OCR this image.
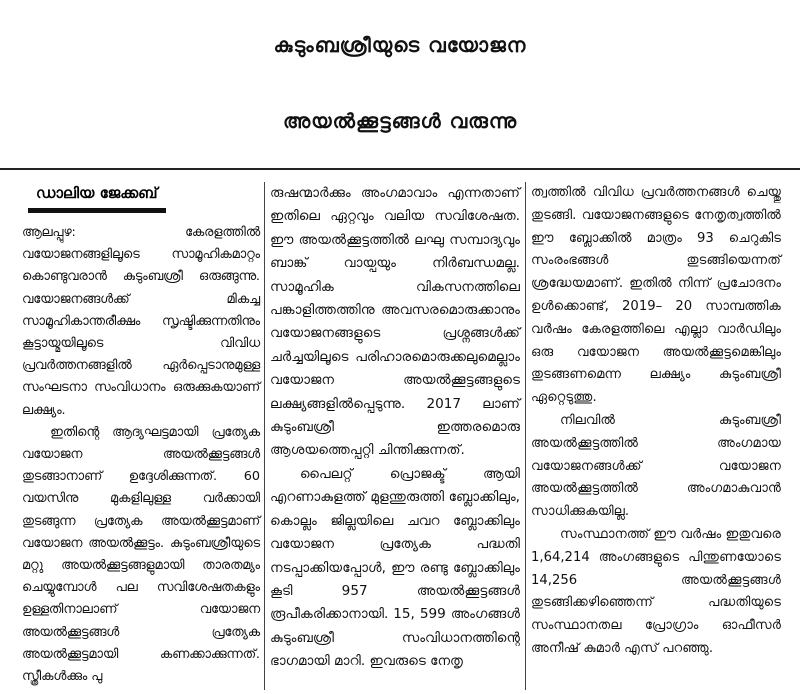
കുടുംബശ്രീയുടെ വയോജന
അയൽക്കൂട്ടങ്ങൾ വരുന്നു
ഡാലിയ ജേക്കബ്

ആലപ്പുഴ: കേരളത്തിൽ വയോജനങ്ങളിലൂടെ സാമൂഹികമാറ്റം കൊണ്ടുവരാൻ കുടുംബശ്രീ ഒരുങ്ങുന്നു. വയോജനങ്ങൾക്ക് മികച്ച സാമൂഹികാന്തരീക്ഷം സൃഷ്ടിക്കുന്നതിനും കൂട്ടായ്മയിലൂടെ വിവിധ പ്രവർത്തനങ്ങളിൽ ഏർപ്പെടാനുമുള്ള സംഘടനാ സംവിധാനം ഒരുക്കുകയാണ് ലക്ഷ്യം.

ഇതിന്റെ ആദ്യഘട്ടമായി പ്രത്യേക വയോജന അയൽക്കൂട്ടങ്ങൾ തുടങ്ങാനാണ് ഉദ്ദേശിക്കുന്നത്. 60 വയസിനു മുകളിലുള്ള വർക്കായി തുടങ്ങുന്ന പ്രത്യേക അയൽക്കൂട്ടമാണ് വയോജന അയൽക്കൂട്ടം. കുടുംബശ്രീയുടെ മറ്റു അയൽക്കൂട്ടങ്ങളുമായി താരതമ്യം ചെയ്യുമ്പോൾ പല സവിശേഷതകളും ഉള്ളതിനാലാണ് വയോജന അയൽക്കൂട്ടങ്ങൾ പ്രത്യേക അയൽക്കൂട്ടമായി കണക്കാക്കുന്നത്. സ്ത്രീകൾക്കും പു

രുഷന്മാർക്കും അംഗമാവാം എന്നതാണ് ഇതിലെ ഏറ്റവും വലിയ സവിശേഷത. ഈ അയൽക്കൂട്ടത്തിൽ ലഘു സമ്പാദ്യവും ബാങ്ക് വായ്പയും നിർബന്ധമല്ല. സാമൂഹിക വികസനത്തിലെ പങ്കാളിത്തത്തിനു അവസരമൊരുക്കാനും വയോജനങ്ങളുടെ പ്രശ്നങ്ങൾക്ക് ചർച്ചയിലൂടെ പരിഹാരമൊരുക്കലുമെല്ലാം വയോജന അയൽക്കൂട്ടങ്ങളുടെ ലക്ഷ്യങ്ങളിൽപ്പെടുന്നു. 2017 ലാണ് കുടുംബശ്രീ ഇത്തരമൊരു ആശയത്തെപ്പറ്റി ചിന്തിക്കുന്നത്.

പൈലറ്റ് പ്രൊജക്ട് ആയി എറണാകുളത്ത് മുളന്തുരുത്തി ബ്ലോക്കിലും, കൊല്ലം ജില്ലയിലെ ചവറ ബ്ലോക്കിലും വയോജന പ്രത്യേക പദ്ധതി നടപ്പാക്കിയപ്പോൾ, ഈ രണ്ടു ബ്ലോക്കിലും കൂടി 957 അയൽക്കൂട്ടങ്ങൾ രൂപീകരിക്കാനായി. 15, 599 അംഗങ്ങൾ കുടുംബശ്രീ സംവിധാനത്തിന്റെ ഭാഗമായി മാറി. ഇവരുടെ നേതൃ

ത്വത്തിൽ വിവിധ പ്രവർത്തനങ്ങൾ ചെയ്തു തുടങ്ങി. വയോജനങ്ങളുടെ നേതൃത്വത്തിൽ ഈ ബ്ലോക്കിൽ മാത്രം 93 ചെറുകിട സംരംഭങ്ങൾ തുടങ്ങിയെന്നത് ശ്രദ്ധേയമാണ്. ഇതിൽ നിന്ന് പ്രചോദനം ഉൾക്കൊണ്ട്, 2019– 20 സാമ്പത്തിക വർഷം കേരളത്തിലെ എല്ലാ വാർഡിലും ഒരു വയോജന അയൽക്കൂട്ടമെങ്കിലും തുടങ്ങണമെന്ന ലക്ഷ്യം കുടുംബശ്രീ ഏറ്റെടുത്തു.

നിലവിൽ കുടുംബശ്രീ അയൽക്കൂട്ടത്തിൽ അംഗമായ വയോജനങ്ങൾക്ക് വയോജന അയൽക്കൂട്ടത്തിൽ അംഗമാകുവാൻ സാധിക്കുകയില്ല.

സംസ്ഥാനത്ത് ഈ വർഷം ഇതുവരെ 1,64,214 അംഗങ്ങളുടെ പിന്തുണയോടെ 14,256 അയൽക്കൂട്ടങ്ങൾ തുടങ്ങിക്കഴിഞ്ഞെന്ന് പദ്ധതിയുടെ സംസ്ഥാനതല പ്രോഗ്രാം ഓഫീസർ അനീഷ് കുമാർ എസ് പറഞ്ഞു.
